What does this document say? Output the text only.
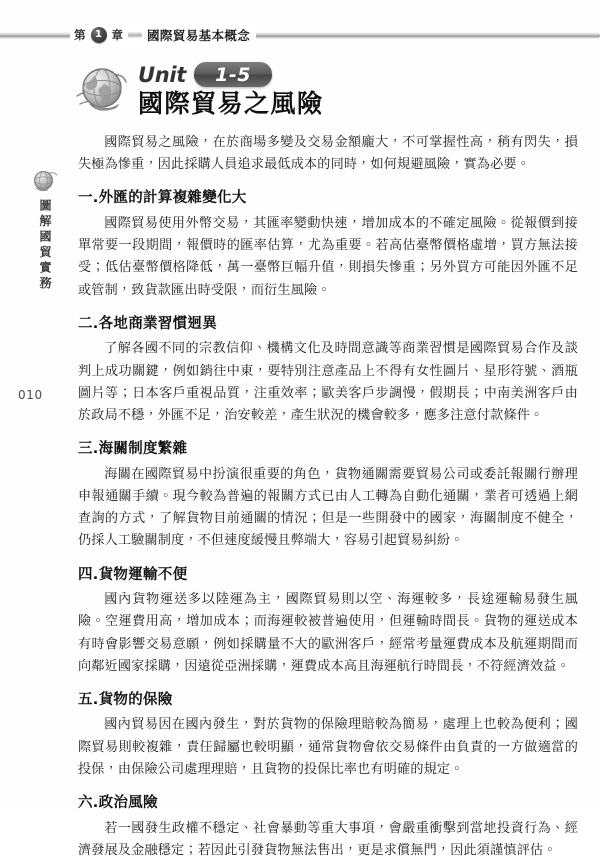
第 1 章 國際貿易基本概念
Unit	1-5
國際貿易之風險
圖解國貿實務
010

國際貿易之風險，在於商場多變及交易金額龐大，不可掌握性高，稍有閃失，損失極為慘重，因此採購人員追求最低成本的同時，如何規避風險，實為必要。

一.外匯的計算複雜變化大

國際貿易使用外幣交易，其匯率變動快速，增加成本的不確定風險。從報價到接單常要一段期間，報價時的匯率估算，尤為重要。若高估臺幣價格虛增，買方無法接受；低估臺幣價格降低，萬一臺幣巨幅升值，則損失慘重；另外買方可能因外匯不足或管制，致貨款匯出時受限，而衍生風險。

二.各地商業習慣迥異

了解各國不同的宗教信仰、機構文化及時間意識等商業習慣是國際貿易合作及談判上成功關鍵，例如銷往中東，要特別注意產品上不得有女性圖片、星形符號、酒瓶圖片等；日本客戶重視品質，注重效率；歐美客戶步調慢，假期長；中南美洲客戶由於政局不穩，外匯不足，治安較差，產生狀況的機會較多，應多注意付款條件。

三.海關制度繁雜

海關在國際貿易中扮演很重要的角色，貨物通關需要貿易公司或委託報關行辦理申報通關手續。現今較為普遍的報關方式已由人工轉為自動化通關，業者可透過上網查詢的方式，了解貨物目前通關的情況；但是一些開發中的國家，海關制度不健全，仍採人工驗關制度，不但速度緩慢且弊端大，容易引起貿易糾紛。

四.貨物運輸不便

國內貨物運送多以陸運為主，國際貿易則以空、海運較多，長途運輸易發生風險。空運費用高，增加成本；而海運較被普遍使用，但運輸時間長。貨物的運送成本有時會影響交易意願，例如採購量不大的歐洲客戶，經常考量運費成本及航運期間而向鄰近國家採購，因遠從亞洲採購，運費成本高且海運航行時間長，不符經濟效益。

五.貨物的保險

國內貿易因在國內發生，對於貨物的保險理賠較為簡易，處理上也較為便利；國際貿易則較複雜，責任歸屬也較明顯，通常貨物會依交易條件由負責的一方做適當的投保，由保險公司處理理賠，且貨物的投保比率也有明確的規定。

六.政治風險

若一國發生政權不穩定、社會暴動等重大事項，會嚴重衝擊到當地投資行為、經濟發展及金融穩定；若因此引發貨物無法售出，更是求償無門，因此須謹慎評估。
